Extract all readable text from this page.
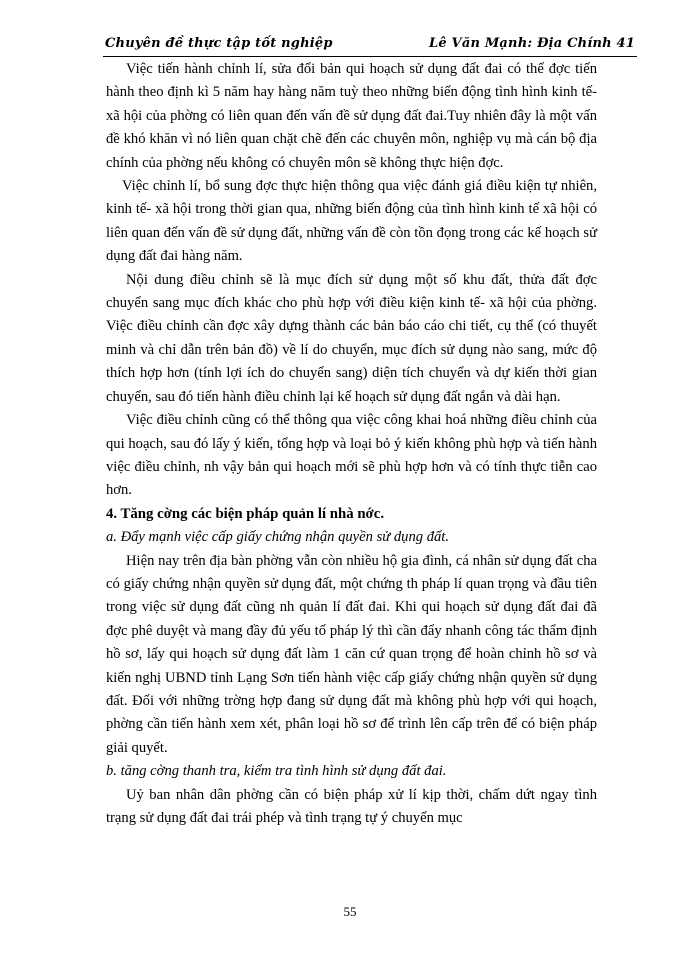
Chuyên đề thực tập tốt nghiệp	Lê Văn Mạnh: Địa Chính 41

Việc tiến hành chỉnh lí, sửa đổi bản qui hoạch sử dụng đất đai có thể đợc tiến hành theo định kì 5 năm hay hàng năm tuỳ theo những biến động tình hình kinh tế- xã hội của phờng có liên quan đến vấn đề sử dụng đất đai.Tuy nhiên đây là một vấn đề khó khăn vì nó liên quan chặt chẽ đến các chuyên môn, nghiệp vụ mà cán bộ địa chính của phờng nếu không có chuyên môn sẽ không thực hiện đợc.

Việc chỉnh lí, bổ sung đợc thực hiện thông qua việc đánh giá điều kiện tự nhiên, kinh tế- xã hội trong thời gian qua, những biến động của tình hình kinh tế xã hội có liên quan đến vấn đề sử dụng đất, những vấn đề còn tồn đọng trong các kế hoạch sử dụng đất đai hàng năm.

Nội dung điều chỉnh sẽ là mục đích sử dụng một số khu đất, thửa đất đợc chuyển sang mục đích khác cho phù hợp với điều kiện kinh tế- xã hội của phờng. Việc điều chỉnh cần đợc xây dựng thành các bản báo cáo chi tiết, cụ thể (có thuyết minh và chỉ dẫn trên bản đồ) về lí do chuyển, mục đích sử dụng nào sang, mức độ thích hợp hơn (tính lợi ích do chuyển sang) diện tích chuyển và dự kiến thời gian chuyển, sau đó tiến hành điều chỉnh lại kế hoạch sử dụng đất ngắn và dài hạn.

Việc điều chỉnh cũng có thể thông qua việc công khai hoá những điều chỉnh của qui hoạch, sau đó lấy ý kiến, tổng hợp và loại bỏ ý kiến không phù hợp và tiến hành việc điều chỉnh, nh vậy bản qui hoạch mới sẽ phù hợp hơn và có tính thực tiễn cao hơn.

4. Tăng cờng các biện pháp quản lí nhà nớc.

a. Đẩy mạnh việc cấp giấy chứng nhận quyền sử dụng đất.

Hiện nay trên địa bàn phờng vẫn còn nhiều hộ gia đình, cá nhân sử dụng đất cha có giấy chứng nhận quyền sử dụng đất, một chứng th pháp lí quan trọng và đầu tiên trong việc sử dụng đất cũng nh quản lí đất đai. Khi qui hoạch sử dụng đất đai đã đợc phê duyệt và mang đầy đủ yếu tố pháp lý thì cần đẩy nhanh công tác thẩm định hồ sơ, lấy qui hoạch sử dụng đất làm 1 căn cứ quan trọng để hoàn chỉnh hồ sơ và kiến nghị UBND tỉnh Lạng Sơn tiến hành việc cấp giấy chứng nhận quyền sử dụng đất. Đối với những trờng hợp đang sử dụng đất mà không phù hợp với qui hoạch, phờng cần tiến hành xem xét, phân loại hồ sơ để trình lên cấp trên để có biện pháp giải quyết.

b. tăng cờng thanh tra, kiểm tra tình hình sử dụng đất đai.

Uỷ ban nhân dân phờng cần có biện pháp xử lí kịp thời, chấm dứt ngay tình trạng sử dụng đất đai trái phép và tình trạng tự ý chuyển mục

55
